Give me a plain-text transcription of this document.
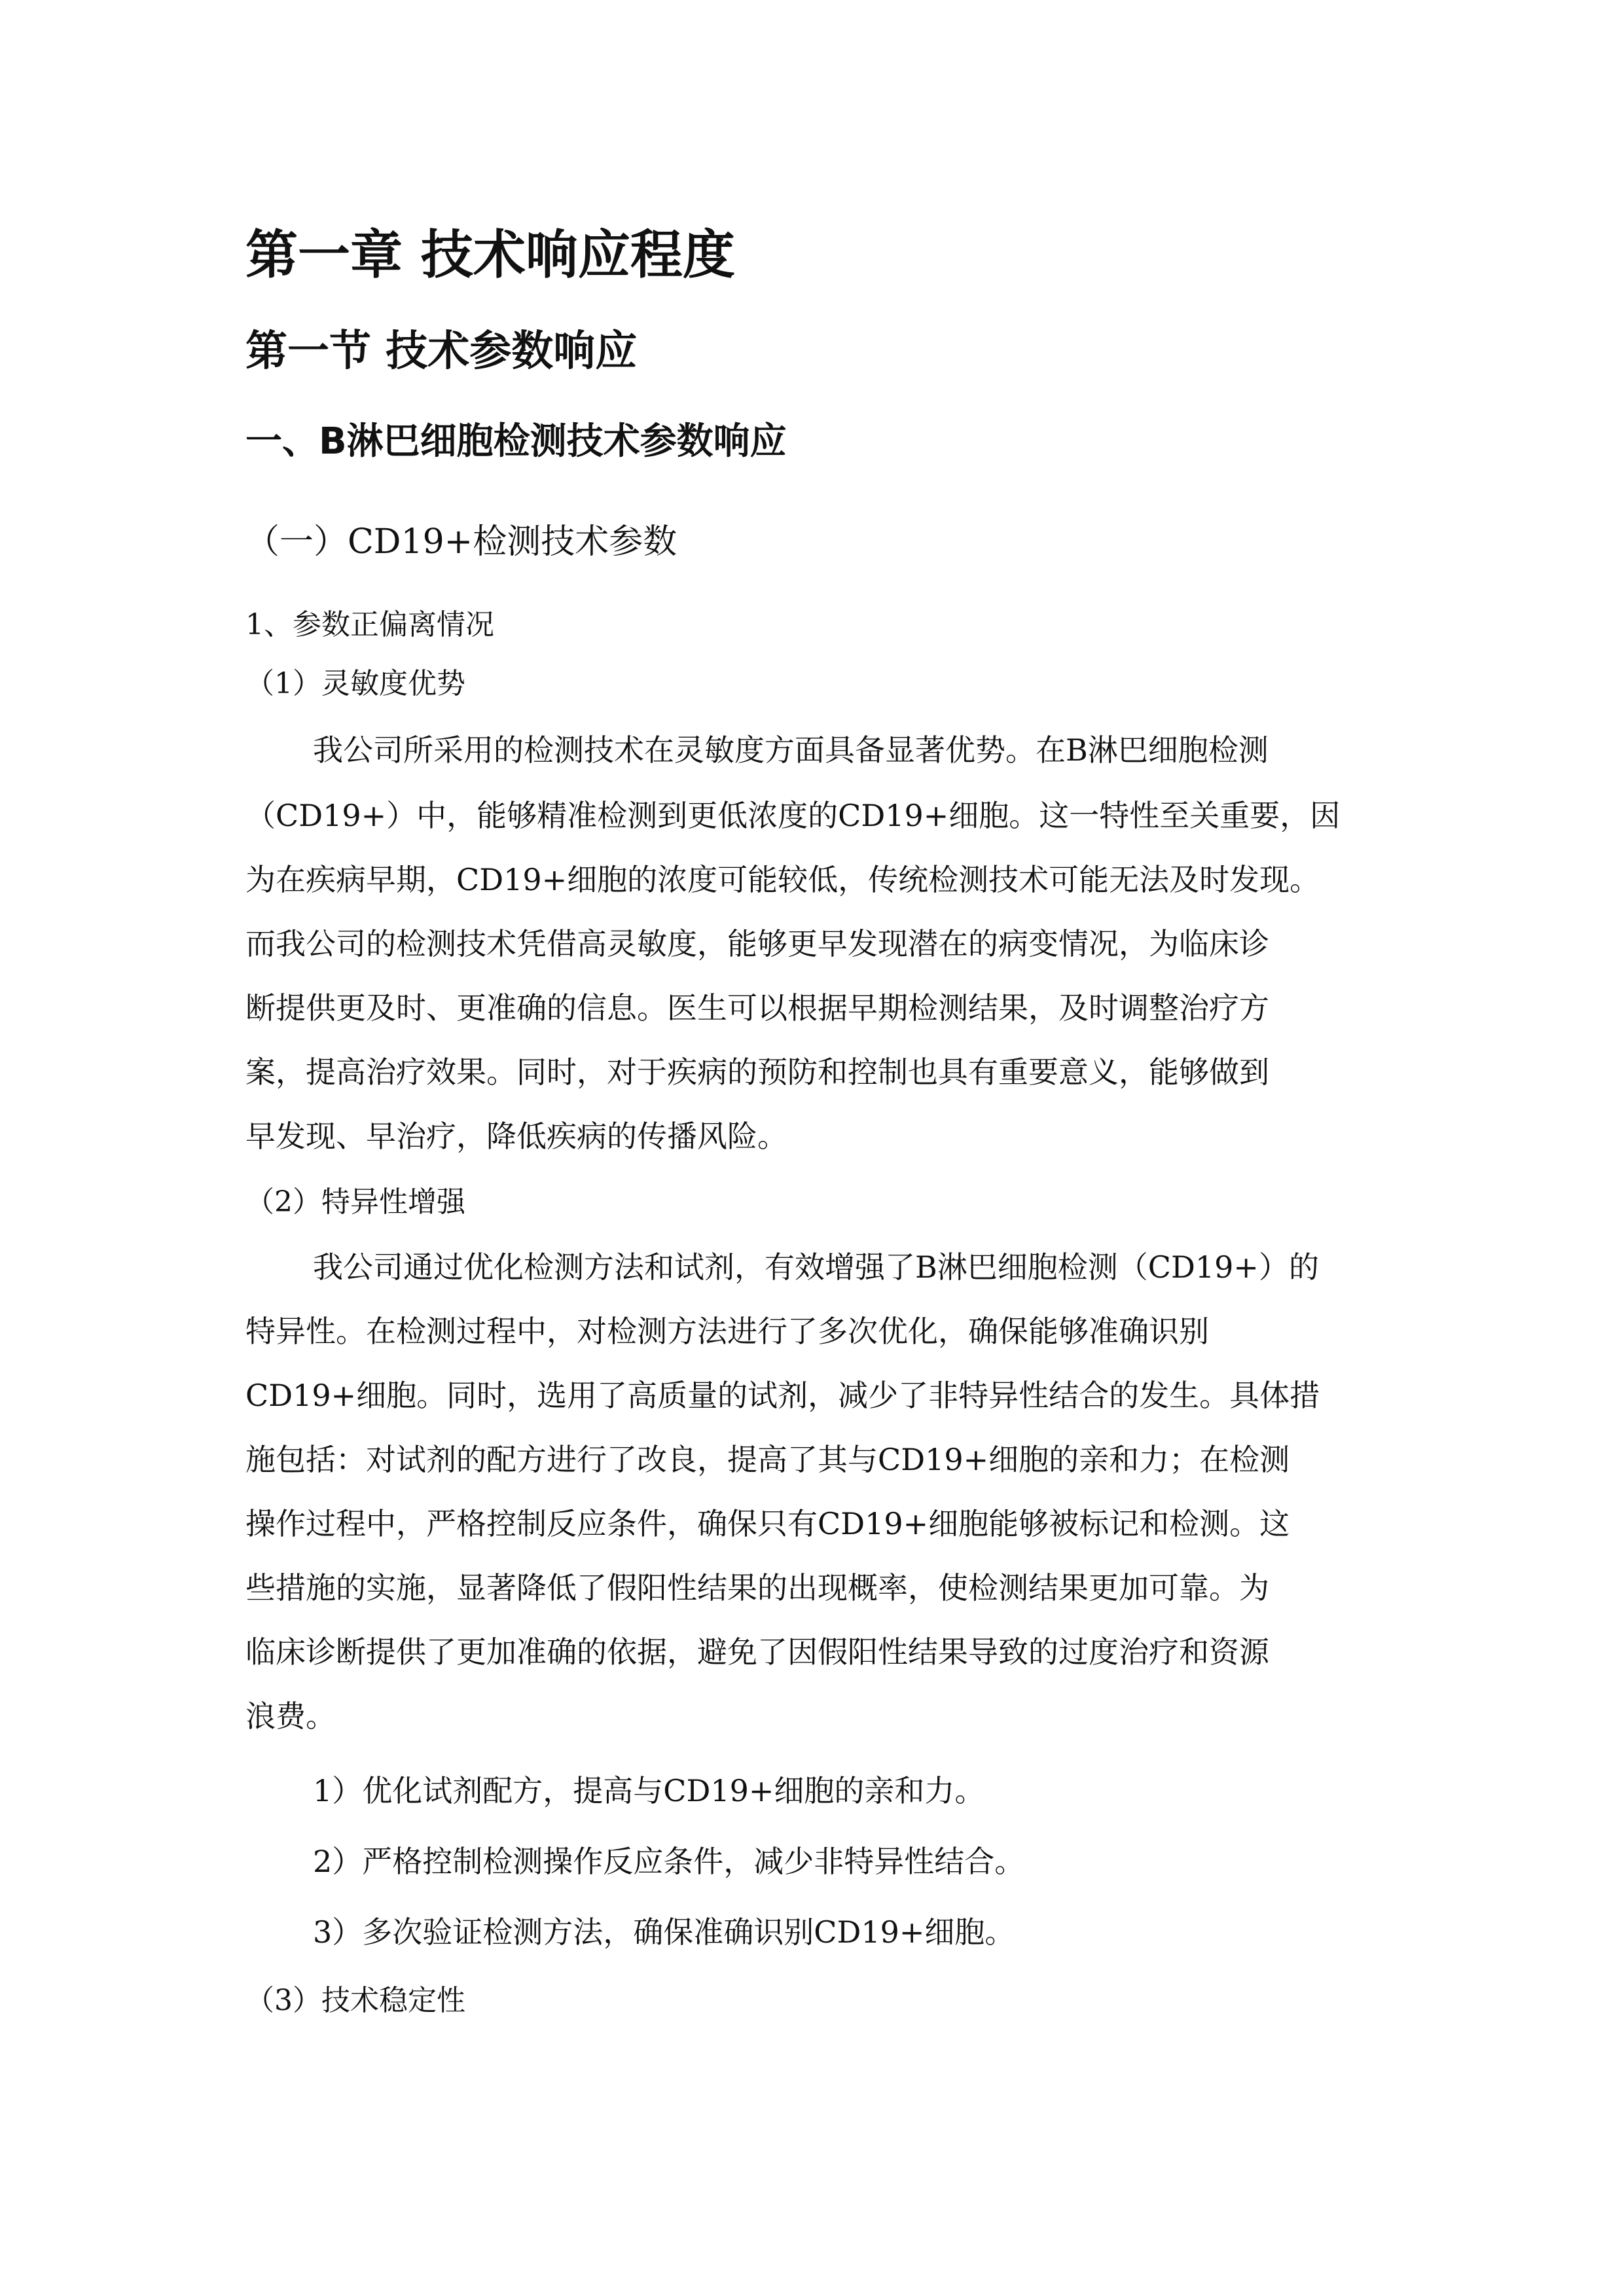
第一章 技术响应程度
第一节 技术参数响应
一、B淋巴细胞检测技术参数响应
（一）CD19+检测技术参数
1、参数正偏离情况
（1）灵敏度优势
我公司所采用的检测技术在灵敏度方面具备显著优势。在B淋巴细胞检测
（CD19+）中，能够精准检测到更低浓度的CD19+细胞。这一特性至关重要，因
为在疾病早期，CD19+细胞的浓度可能较低，传统检测技术可能无法及时发现。
而我公司的检测技术凭借高灵敏度，能够更早发现潜在的病变情况，为临床诊
断提供更及时、更准确的信息。医生可以根据早期检测结果，及时调整治疗方
案，提高治疗效果。同时，对于疾病的预防和控制也具有重要意义，能够做到
早发现、早治疗，降低疾病的传播风险。
（2）特异性增强
我公司通过优化检测方法和试剂，有效增强了B淋巴细胞检测（CD19+）的
特异性。在检测过程中，对检测方法进行了多次优化，确保能够准确识别
CD19+细胞。同时，选用了高质量的试剂，减少了非特异性结合的发生。具体措
施包括：对试剂的配方进行了改良，提高了其与CD19+细胞的亲和力；在检测
操作过程中，严格控制反应条件，确保只有CD19+细胞能够被标记和检测。这
些措施的实施，显著降低了假阳性结果的出现概率，使检测结果更加可靠。为
临床诊断提供了更加准确的依据，避免了因假阳性结果导致的过度治疗和资源
浪费。
1）优化试剂配方，提高与CD19+细胞的亲和力。
2）严格控制检测操作反应条件，减少非特异性结合。
3）多次验证检测方法，确保准确识别CD19+细胞。
（3）技术稳定性
